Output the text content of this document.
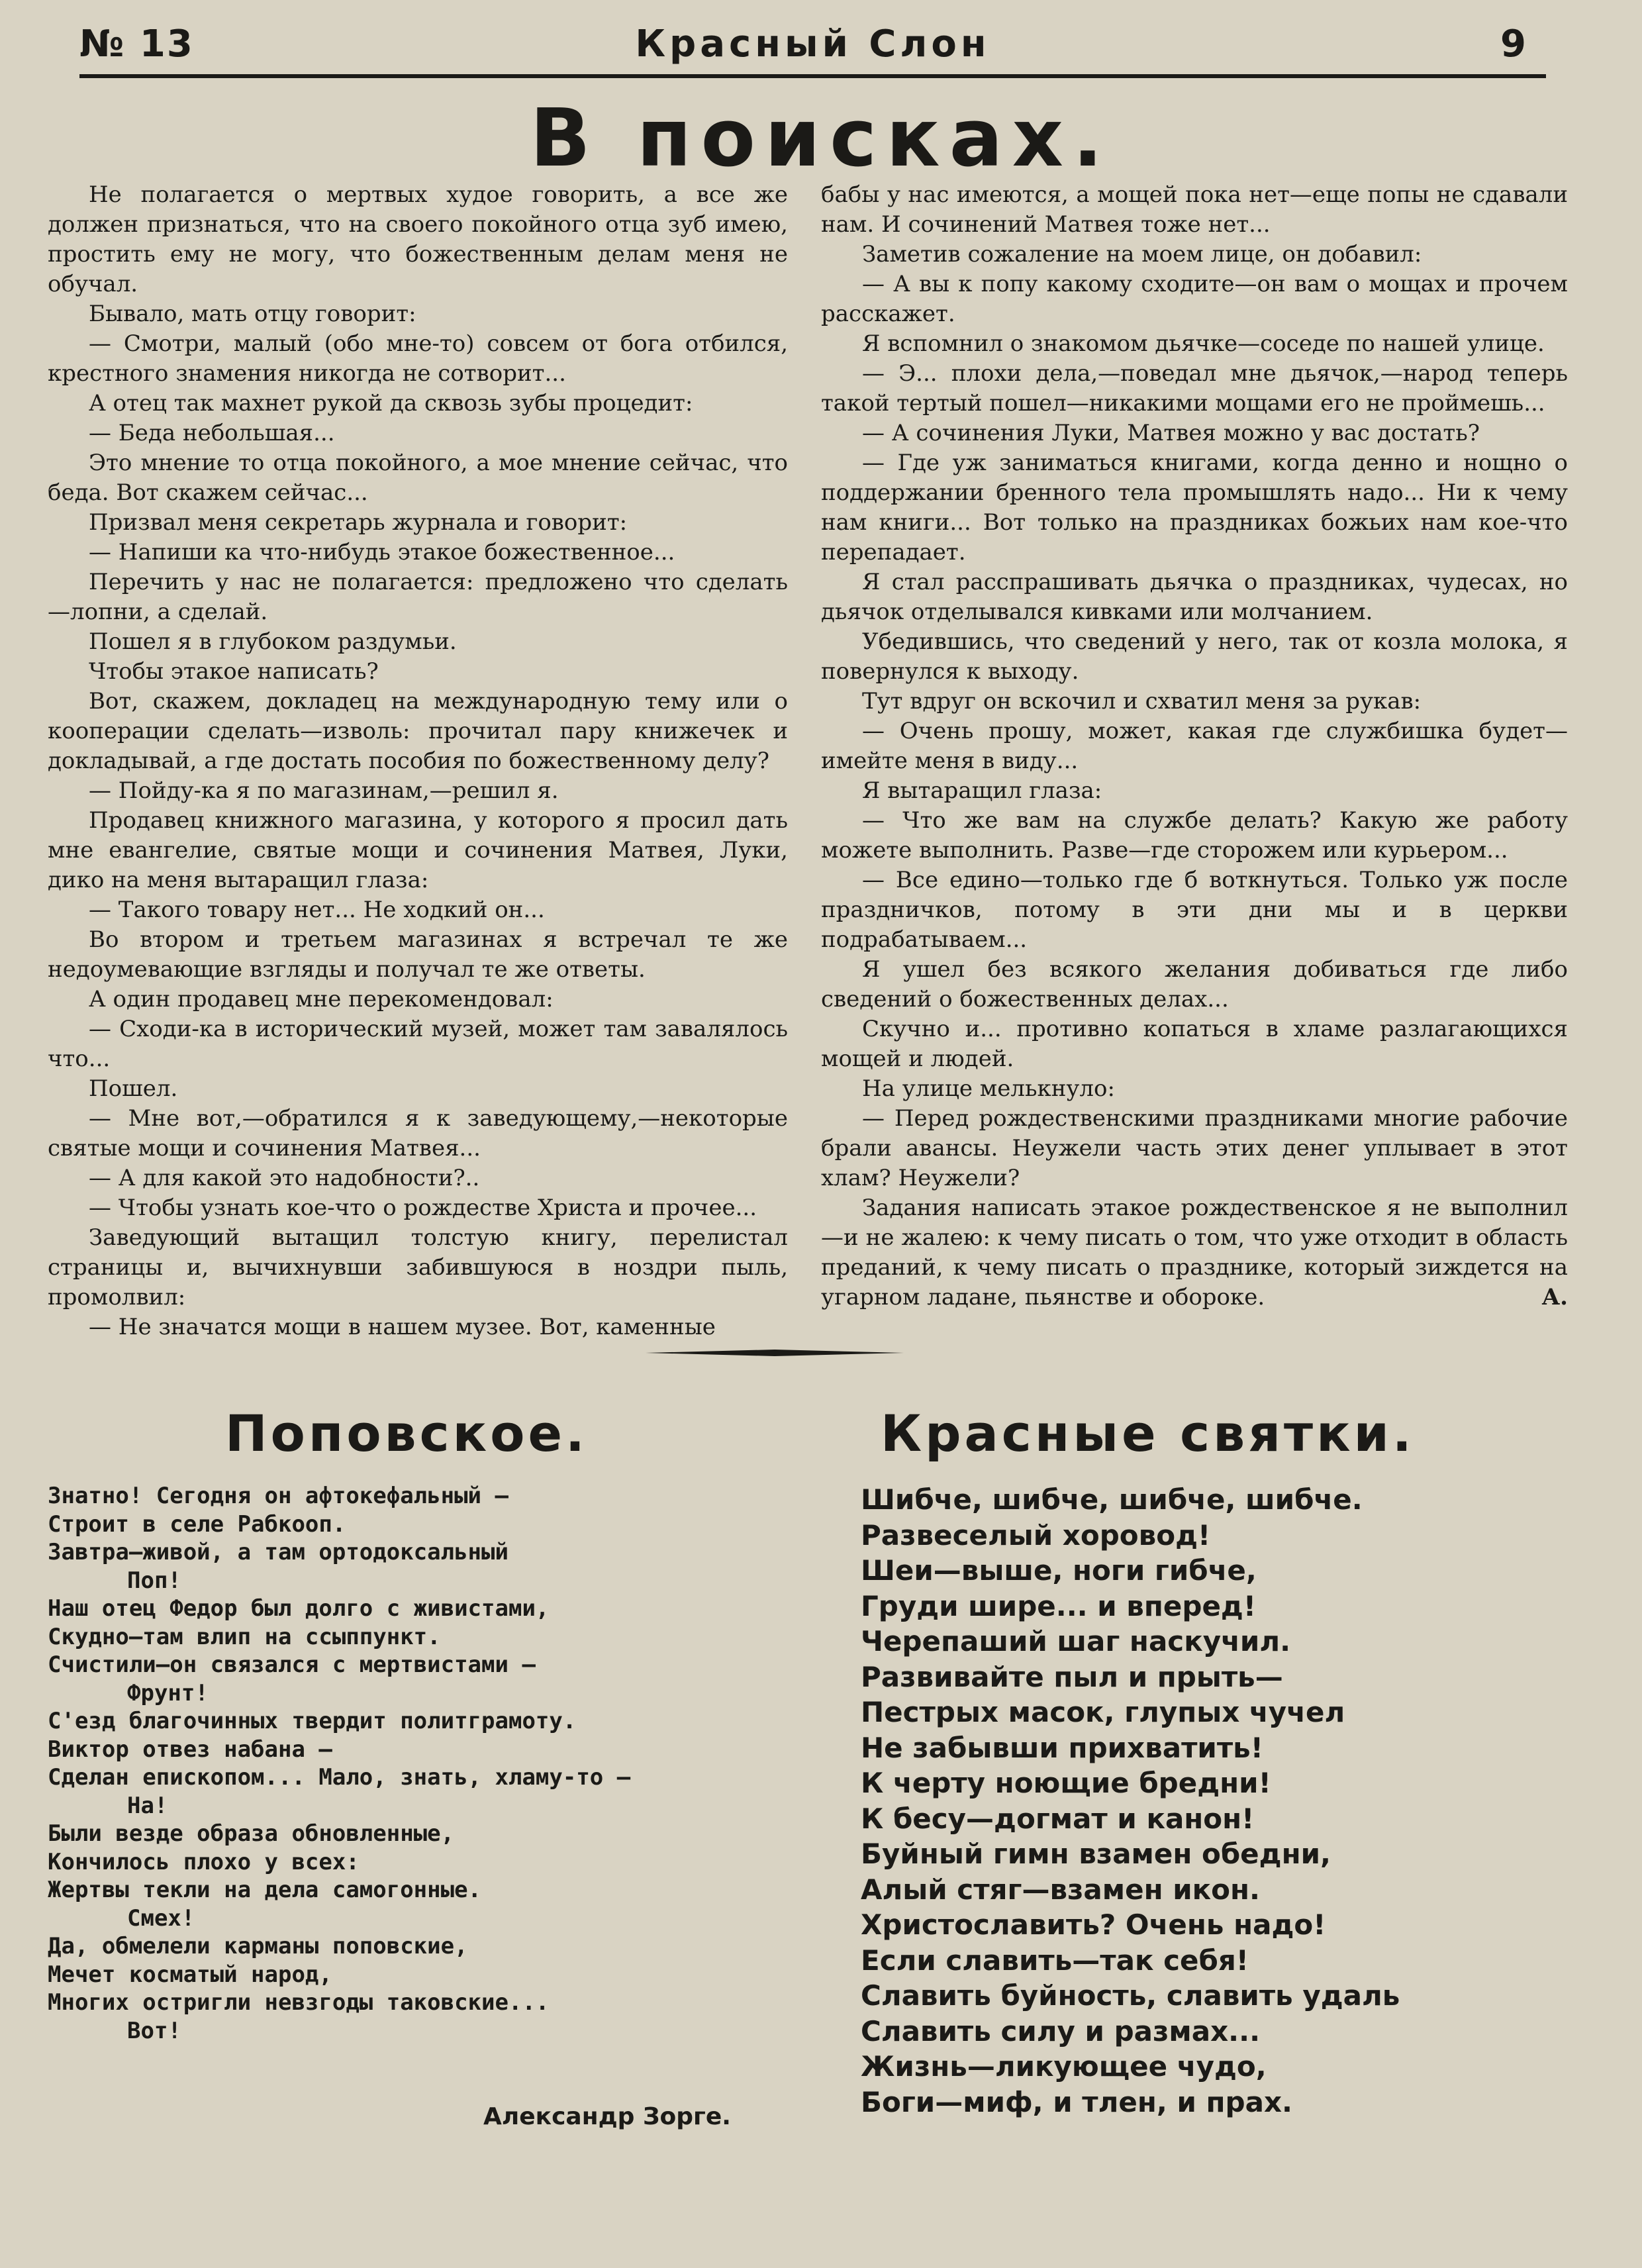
№ 13	Красный Слон	9
В поисках.

Не полагается о мертвых худое говорить, а все же должен признаться, что на своего покойного отца зуб имею, простить ему не могу, что божественным делам меня не обучал.

Бывало, мать отцу говорит:

— Смотри, малый (обо мне-то) совсем от бога отбился, крестного знамения никогда не сотворит...

А отец так махнет рукой да сквозь зубы процедит:

— Беда небольшая...

Это мнение то отца покойного, а мое мнение сейчас, что беда. Вот скажем сейчас...

Призвал меня секретарь журнала и говорит:

— Напиши ка что-нибудь этакое божественное...

Перечить у нас не полагается: предложено что сделать —лопни, а сделай.

Пошел я в глубоком раздумьи.

Чтобы этакое написать?

Вот, скажем, докладец на международную тему или о кооперации сделать—изволь: прочитал пару книжечек и докладывай, а где достать пособия по божественному делу?

— Пойду-ка я по магазинам,—решил я.

Продавец книжного магазина, у которого я просил дать мне евангелие, святые мощи и сочинения Матвея, Луки, дико на меня вытаращил глаза:

— Такого товару нет... Не ходкий он...

Во втором и третьем магазинах я встречал те же недоумевающие взгляды и получал те же ответы.

А один продавец мне перекомендовал:

— Сходи-ка в исторический музей, может там завалялось что...

Пошел.

— Мне вот,—обратился я к заведующему,—некоторые святые мощи и сочинения Матвея...

— А для какой это надобности?..

— Чтобы узнать кое-что о рождестве Христа и прочее...

Заведующий вытащил толстую книгу, перелистал страницы и, вычихнувши забившуюся в ноздри пыль, промолвил:

— Не значатся мощи в нашем музее. Вот, каменные

бабы у нас имеются, а мощей пока нет—еще попы не сдавали нам. И сочинений Матвея тоже нет...

Заметив сожаление на моем лице, он добавил:

— А вы к попу какому сходите—он вам о мощах и прочем расскажет.

Я вспомнил о знакомом дьячке—соседе по нашей улице.

— Э... плохи дела,—поведал мне дьячок,—народ теперь такой тертый пошел—никакими мощами его не проймешь...

— А сочинения Луки, Матвея можно у вас достать?

— Где уж заниматься книгами, когда денно и нощно о поддержании бренного тела промышлять надо... Ни к чему нам книги... Вот только на праздниках божьих нам кое-что перепадает.

Я стал расспрашивать дьячка о праздниках, чудесах, но дьячок отделывался кивками или молчанием.

Убедившись, что сведений у него, так от козла молока, я повернулся к выходу.

Тут вдруг он вскочил и схватил меня за рукав:

— Очень прошу, может, какая где службишка будет—имейте меня в виду...

Я вытаращил глаза:

— Что же вам на службе делать? Какую же работу можете выполнить. Разве—где сторожем или курьером...

— Все едино—только где б воткнуться. Только уж после праздничков, потому в эти дни мы и в церкви подрабатываем...

Я ушел без всякого желания добиваться где либо сведений о божественных делах...

Скучно и... противно копаться в хламе разлагающихся мощей и людей.

На улице мелькнуло:

— Перед рождественскими праздниками многие рабочие брали авансы. Неужели часть этих денег уплывает в этот хлам? Неужели?

Задания написать этакое рождественское я не выполнил —и не жалею: к чему писать о том, что уже отходит в область преданий, к чему писать о празднике, который зиждется на угарном ладане, пьянстве и обороке.	А.

Поповское.	Красные святки.
Знатно! Сегодня он афтокефальный —
Строит в селе Рабкооп.
Завтра—живой, а там ортодоксальный
Поп!
Наш отец Федор был долго с живистами,
Скудно—там влип на ссыппункт.
Счистили—он связался с мертвистами —
Фрунт!
С'езд благочинных твердит политграмоту.
Виктор отвез набана —
Сделан епископом... Мало, знать, хламу-то —
На!
Были везде образа обновленные,
Кончилось плохо у всех:
Жертвы текли на дела самогонные.
Смех!
Да, обмелели карманы поповские,
Мечет косматый народ,
Многих остригли невзгоды таковские...
Вот!
Александр Зорге.
Шибче, шибче, шибче, шибче.
Развеселый хоровод!
Шеи—выше, ноги гибче,
Груди шире... и вперед!
Черепаший шаг наскучил.
Развивайте пыл и прыть—
Пестрых масок, глупых чучел
Не забывши прихватить!
К черту ноющие бредни!
К бесу—догмат и канон!
Буйный гимн взамен обедни,
Алый стяг—взамен икон.
Христославить? Очень надо!
Если славить—так себя!
Славить буйность, славить удаль
Славить силу и размах...
Жизнь—ликующее чудо,
Боги—миф, и тлен, и прах.
